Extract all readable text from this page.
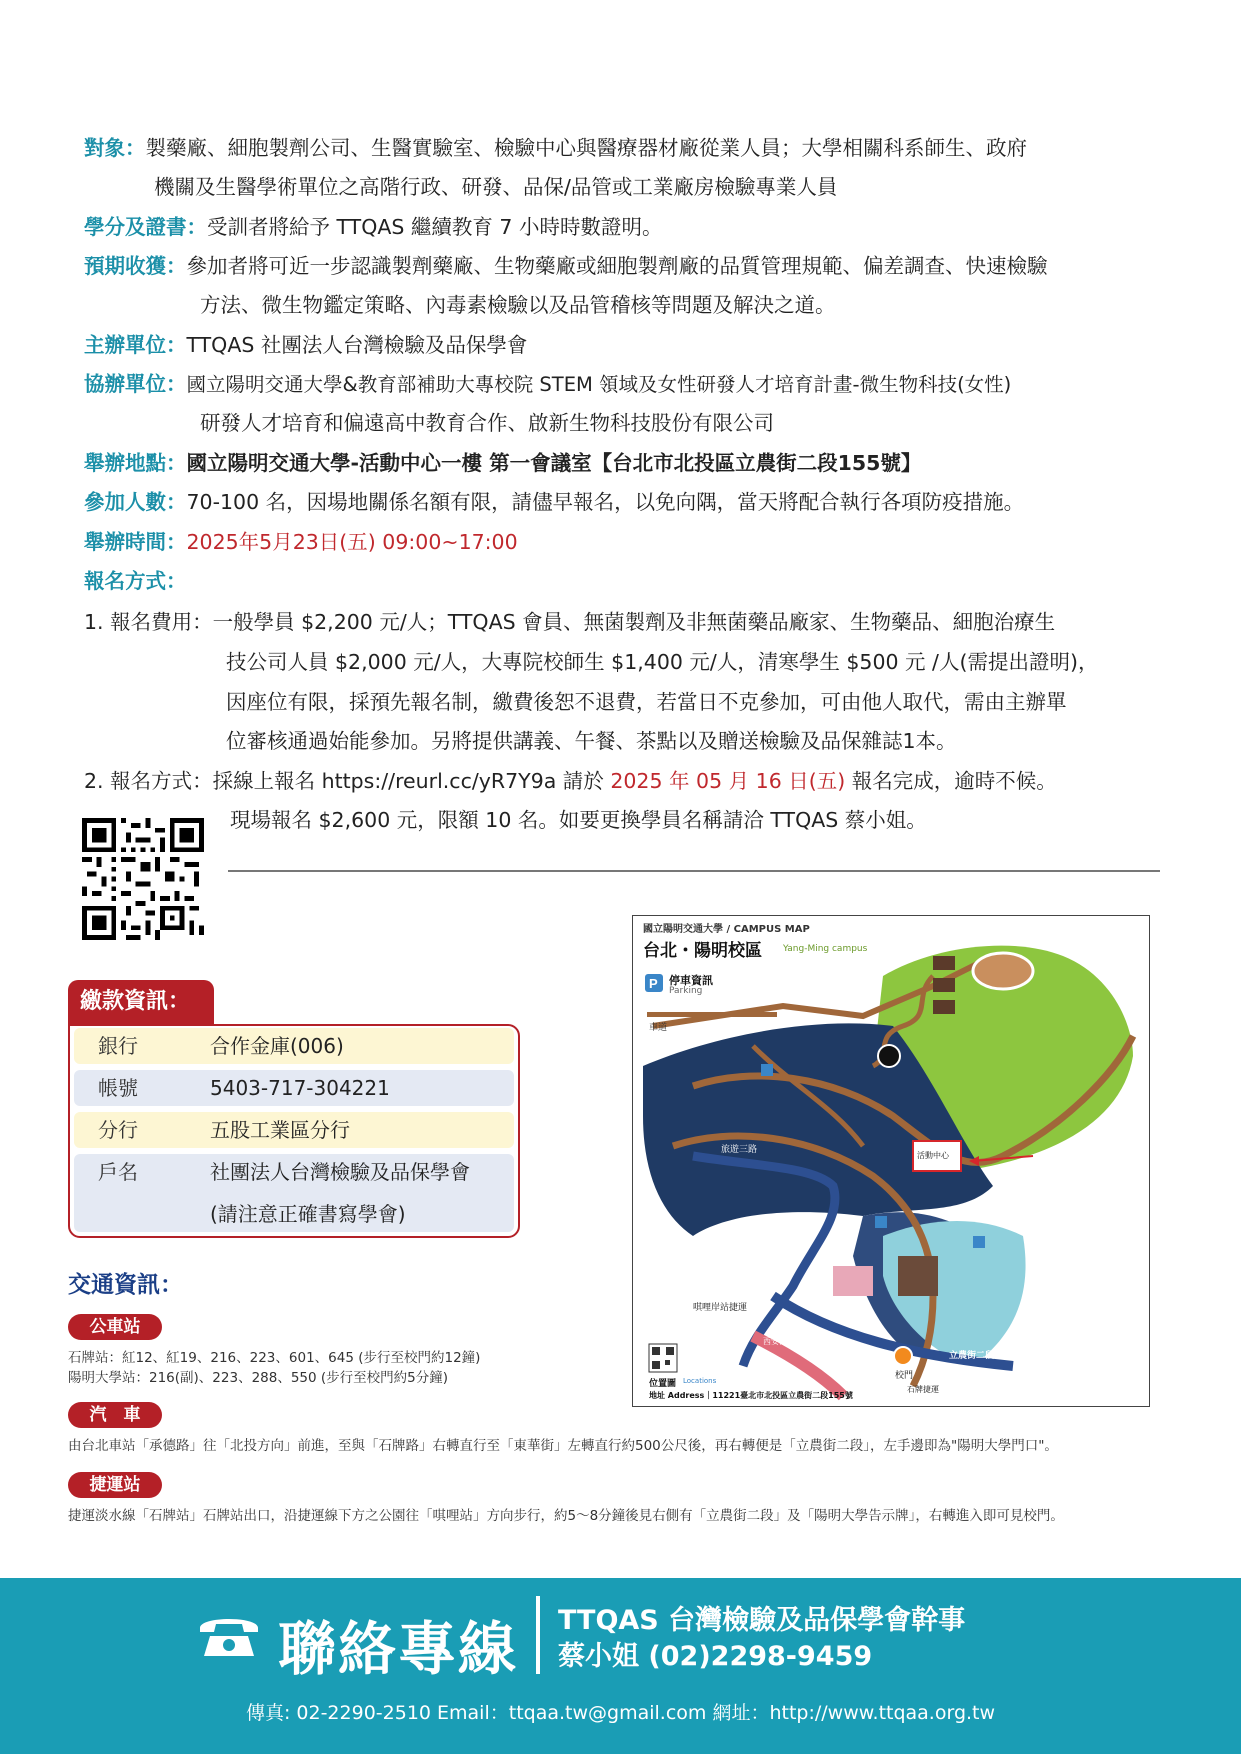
對象：製藥廠、細胞製劑公司、生醫實驗室、檢驗中心與醫療器材廠從業人員；大學相關科系師生、政府
機關及生醫學術單位之高階行政、研發、品保/品管或工業廠房檢驗專業人員
學分及證書：受訓者將給予 TTQAS 繼續教育 7 小時時數證明。
預期收獲：參加者將可近一步認識製劑藥廠、生物藥廠或細胞製劑廠的品質管理規範、偏差調查、快速檢驗
方法、微生物鑑定策略、內毒素檢驗以及品管稽核等問題及解決之道。
主辦單位：TTQAS 社團法人台灣檢驗及品保學會
協辦單位：國立陽明交通大學&教育部補助大專校院 STEM 領域及女性研發人才培育計畫-微生物科技(女性)
研發人才培育和偏遠高中教育合作、啟新生物科技股份有限公司
舉辦地點：國立陽明交通大學-活動中心一樓 第一會議室【台北市北投區立農街二段155號】
參加人數：70-100 名，因場地關係名額有限，請儘早報名，以免向隅，當天將配合執行各項防疫措施。
舉辦時間：2025年5月23日(五) 09:00~17:00
報名方式：
1. 報名費用：一般學員 $2,200 元/人；TTQAS 會員、無菌製劑及非無菌藥品廠家、生物藥品、細胞治療生
技公司人員 $2,000 元/人，大專院校師生 $1,400 元/人，清寒學生 $500 元 /人(需提出證明)，
因座位有限，採預先報名制，繳費後恕不退費，若當日不克參加，可由他人取代，需由主辦單
位審核通過始能參加。另將提供講義、午餐、茶點以及贈送檢驗及品保雜誌1本。
2. 報名方式：採線上報名 https://reurl.cc/yR7Y9a 請於 2025 年 05 月 16 日(五) 報名完成，逾時不候。
現場報名 $2,600 元，限額 10 名。如要更換學員名稱請洽 TTQAS 蔡小姐。
繳款資訊：
銀行	合作金庫(006)
帳號	5403-717-304221
分行	五股工業區分行
戶名	社團法人台灣檢驗及品保學會
(請注意正確書寫學會)
交通資訊：
公車站
石牌站：紅12、紅19、216、223、601、645 (步行至校門約12鐘)
陽明大學站：216(副)、223、288、550 (步行至校門約5分鐘)
汽　車
由台北車站「承德路」往「北投方向」前進，至與「石牌路」右轉直行至「東華街」左轉直行約500公尺後，再右轉便是「立農街二段」，左手邊即為"陽明大學門口"。
捷運站
捷運淡水線「石牌站」石牌站出口，沿捷運線下方之公園往「唭哩站」方向步行，約5～8分鐘後見右側有「立農街二段」及「陽明大學告示牌」，右轉進入即可見校門。
P
國立陽明交通大學 / CAMPUS MAP
台北・陽明校區 Yang-Ming campus
停車資訊
Parking
車道
活動中心
旅遊三路
唭哩岸站捷運
立農街二段
石牌路二段
西安街二段
校門
石牌捷運
位置圖 Locations
地址 Address｜11221臺北市北投區立農街二段155號
聯絡專線 TTQAS 台灣檢驗及品保學會幹事
蔡小姐 (02)2298-9459
傳真: 02-2290-2510 Email：ttqaa.tw@gmail.com 網址：http://www.ttqaa.org.tw
